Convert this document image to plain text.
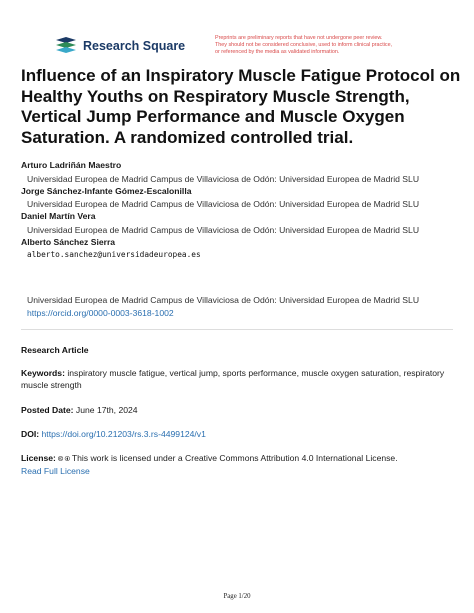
Research Square
Preprints are preliminary reports that have not undergone peer review.
They should not be considered conclusive, used to inform clinical practice,
or referenced by the media as validated information.
Influence of an Inspiratory Muscle Fatigue Protocol on Healthy Youths on Respiratory Muscle Strength, Vertical Jump Performance and Muscle Oxygen Saturation. A randomized controlled trial.
Arturo Ladriñán Maestro
Universidad Europea de Madrid Campus de Villaviciosa de Odón: Universidad Europea de Madrid SLU
Jorge Sánchez-Infante Gómez-Escalonilla
Universidad Europea de Madrid Campus de Villaviciosa de Odón: Universidad Europea de Madrid SLU
Daniel Martín Vera
Universidad Europea de Madrid Campus de Villaviciosa de Odón: Universidad Europea de Madrid SLU
Alberto Sánchez Sierra
alberto.sanchez@universidadeuropea.es
Universidad Europea de Madrid Campus de Villaviciosa de Odón: Universidad Europea de Madrid SLU
https://orcid.org/0000-0003-3618-1002
Research Article
Keywords: inspiratory muscle fatigue, vertical jump, sports performance, muscle oxygen saturation, respiratory muscle strength
Posted Date: June 17th, 2024
DOI: https://doi.org/10.21203/rs.3.rs-4499124/v1
License: 🅭 🅯 This work is licensed under a Creative Commons Attribution 4.0 International License.
Read Full License
Page 1/20
